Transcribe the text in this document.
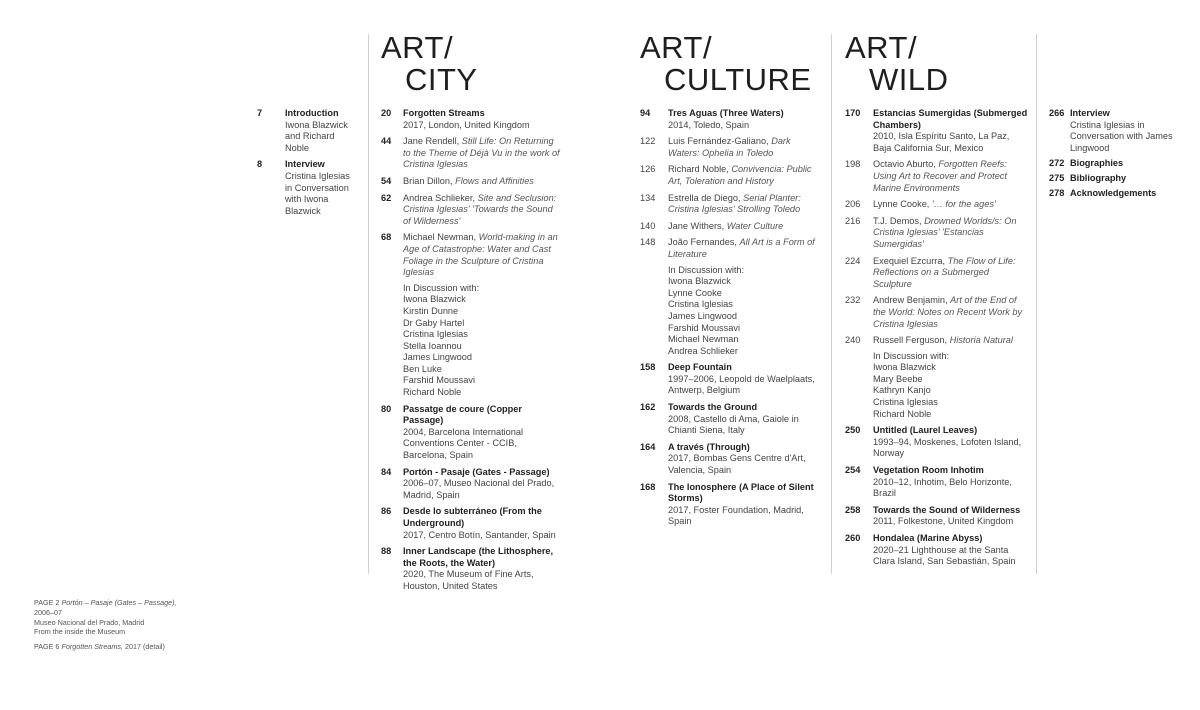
ART/
CITY
ART/
CULTURE
ART/
WILD
7 Introduction
Iwona Blazwick and Richard Noble
8 Interview
Cristina Iglesias in Conversation with Iwona Blazwick
20 Forgotten Streams
2017, London, United Kingdom
44 Jane Rendell, Still Life: On Returning to the Theme of Déjà Vu in the work of Cristina Iglesias
54 Brian Dillon, Flows and Affinities
62 Andrea Schlieker, Site and Seclusion: Cristina Iglesias' 'Towards the Sound of Wilderness'
68 Michael Newman, World-making in an Age of Catastrophe: Water and Cast Foliage in the Sculpture of Cristina Iglesias
In Discussion with:
Iwona Blazwick
Kirstin Dunne
Dr Gaby Hartel
Cristina Iglesias
Stella Ioannou
James Lingwood
Ben Luke
Farshid Moussavi
Richard Noble
80 Passatge de coure (Copper Passage)
2004, Barcelona International Conventions Center - CCIB, Barcelona, Spain
84 Portón - Pasaje (Gates - Passage)
2006–07, Museo Nacional del Prado, Madrid, Spain
86 Desde lo subterráneo (From the Underground)
2017, Centro Botín, Santander, Spain
88 Inner Landscape (the Lithosphere, the Roots, the Water)
2020, The Museum of Fine Arts, Houston, United States
94 Tres Aguas (Three Waters)
2014, Toledo, Spain
122 Luis Fernández-Galiano, Dark Waters: Ophelia in Toledo
126 Richard Noble, Convivencia: Public Art, Toleration and History
134 Estrella de Diego, Serial Planter: Cristina Iglesias' Strolling Toledo
140 Jane Withers, Water Culture
148 João Fernandes, All Art is a Form of Literature
In Discussion with:
Iwona Blazwick
Lynne Cooke
Cristina Iglesias
James Lingwood
Farshid Moussavi
Michael Newman
Andrea Schlieker
158 Deep Fountain
1997–2006, Leopold de Waelplaats, Antwerp, Belgium
162 Towards the Ground
2008, Castello di Ama, Gaiole in Chianti Siena, Italy
164 A través (Through)
2017, Bombas Gens Centre d'Art, Valencia, Spain
168 The Ionosphere (A Place of Silent Storms)
2017, Foster Foundation, Madrid, Spain
170 Estancias Sumergidas (Submerged Chambers)
2010, Isla Espíritu Santo, La Paz, Baja California Sur, Mexico
198 Octavio Aburto, Forgotten Reefs: Using Art to Recover and Protect Marine Environments
206 Lynne Cooke, '… for the ages'
216 T.J. Demos, Drowned Worlds/s: On Cristina Iglesias' 'Estancias Sumergidas'
224 Exequiel Ezcurra, The Flow of Life: Reflections on a Submerged Sculpture
232 Andrew Benjamin, Art of the End of the World: Notes on Recent Work by Cristina Iglesias
240 Russell Ferguson, Historia Natural
In Discussion with:
Iwona Blazwick
Mary Beebe
Kathryn Kanjo
Cristina Iglesias
Richard Noble
250 Untitled (Laurel Leaves)
1993–94, Moskenes, Lofoten Island, Norway
254 Vegetation Room Inhotim
2010–12, Inhotim, Belo Horizonte, Brazil
258 Towards the Sound of Wilderness
2011, Folkestone, United Kingdom
260 Hondalea (Marine Abyss)
2020–21 Lighthouse at the Santa Clara Island, San Sebastián, Spain
266 Interview
Cristina Iglesias in Conversation with James Lingwood
272 Biographies
275 Bibliography
278 Acknowledgements

PAGE 2 Portón – Pasaje (Gates – Passage),
2006–07
Museo Nacional del Prado, Madrid
From the inside the Museum

PAGE 6 Forgotten Streams, 2017 (detail)
